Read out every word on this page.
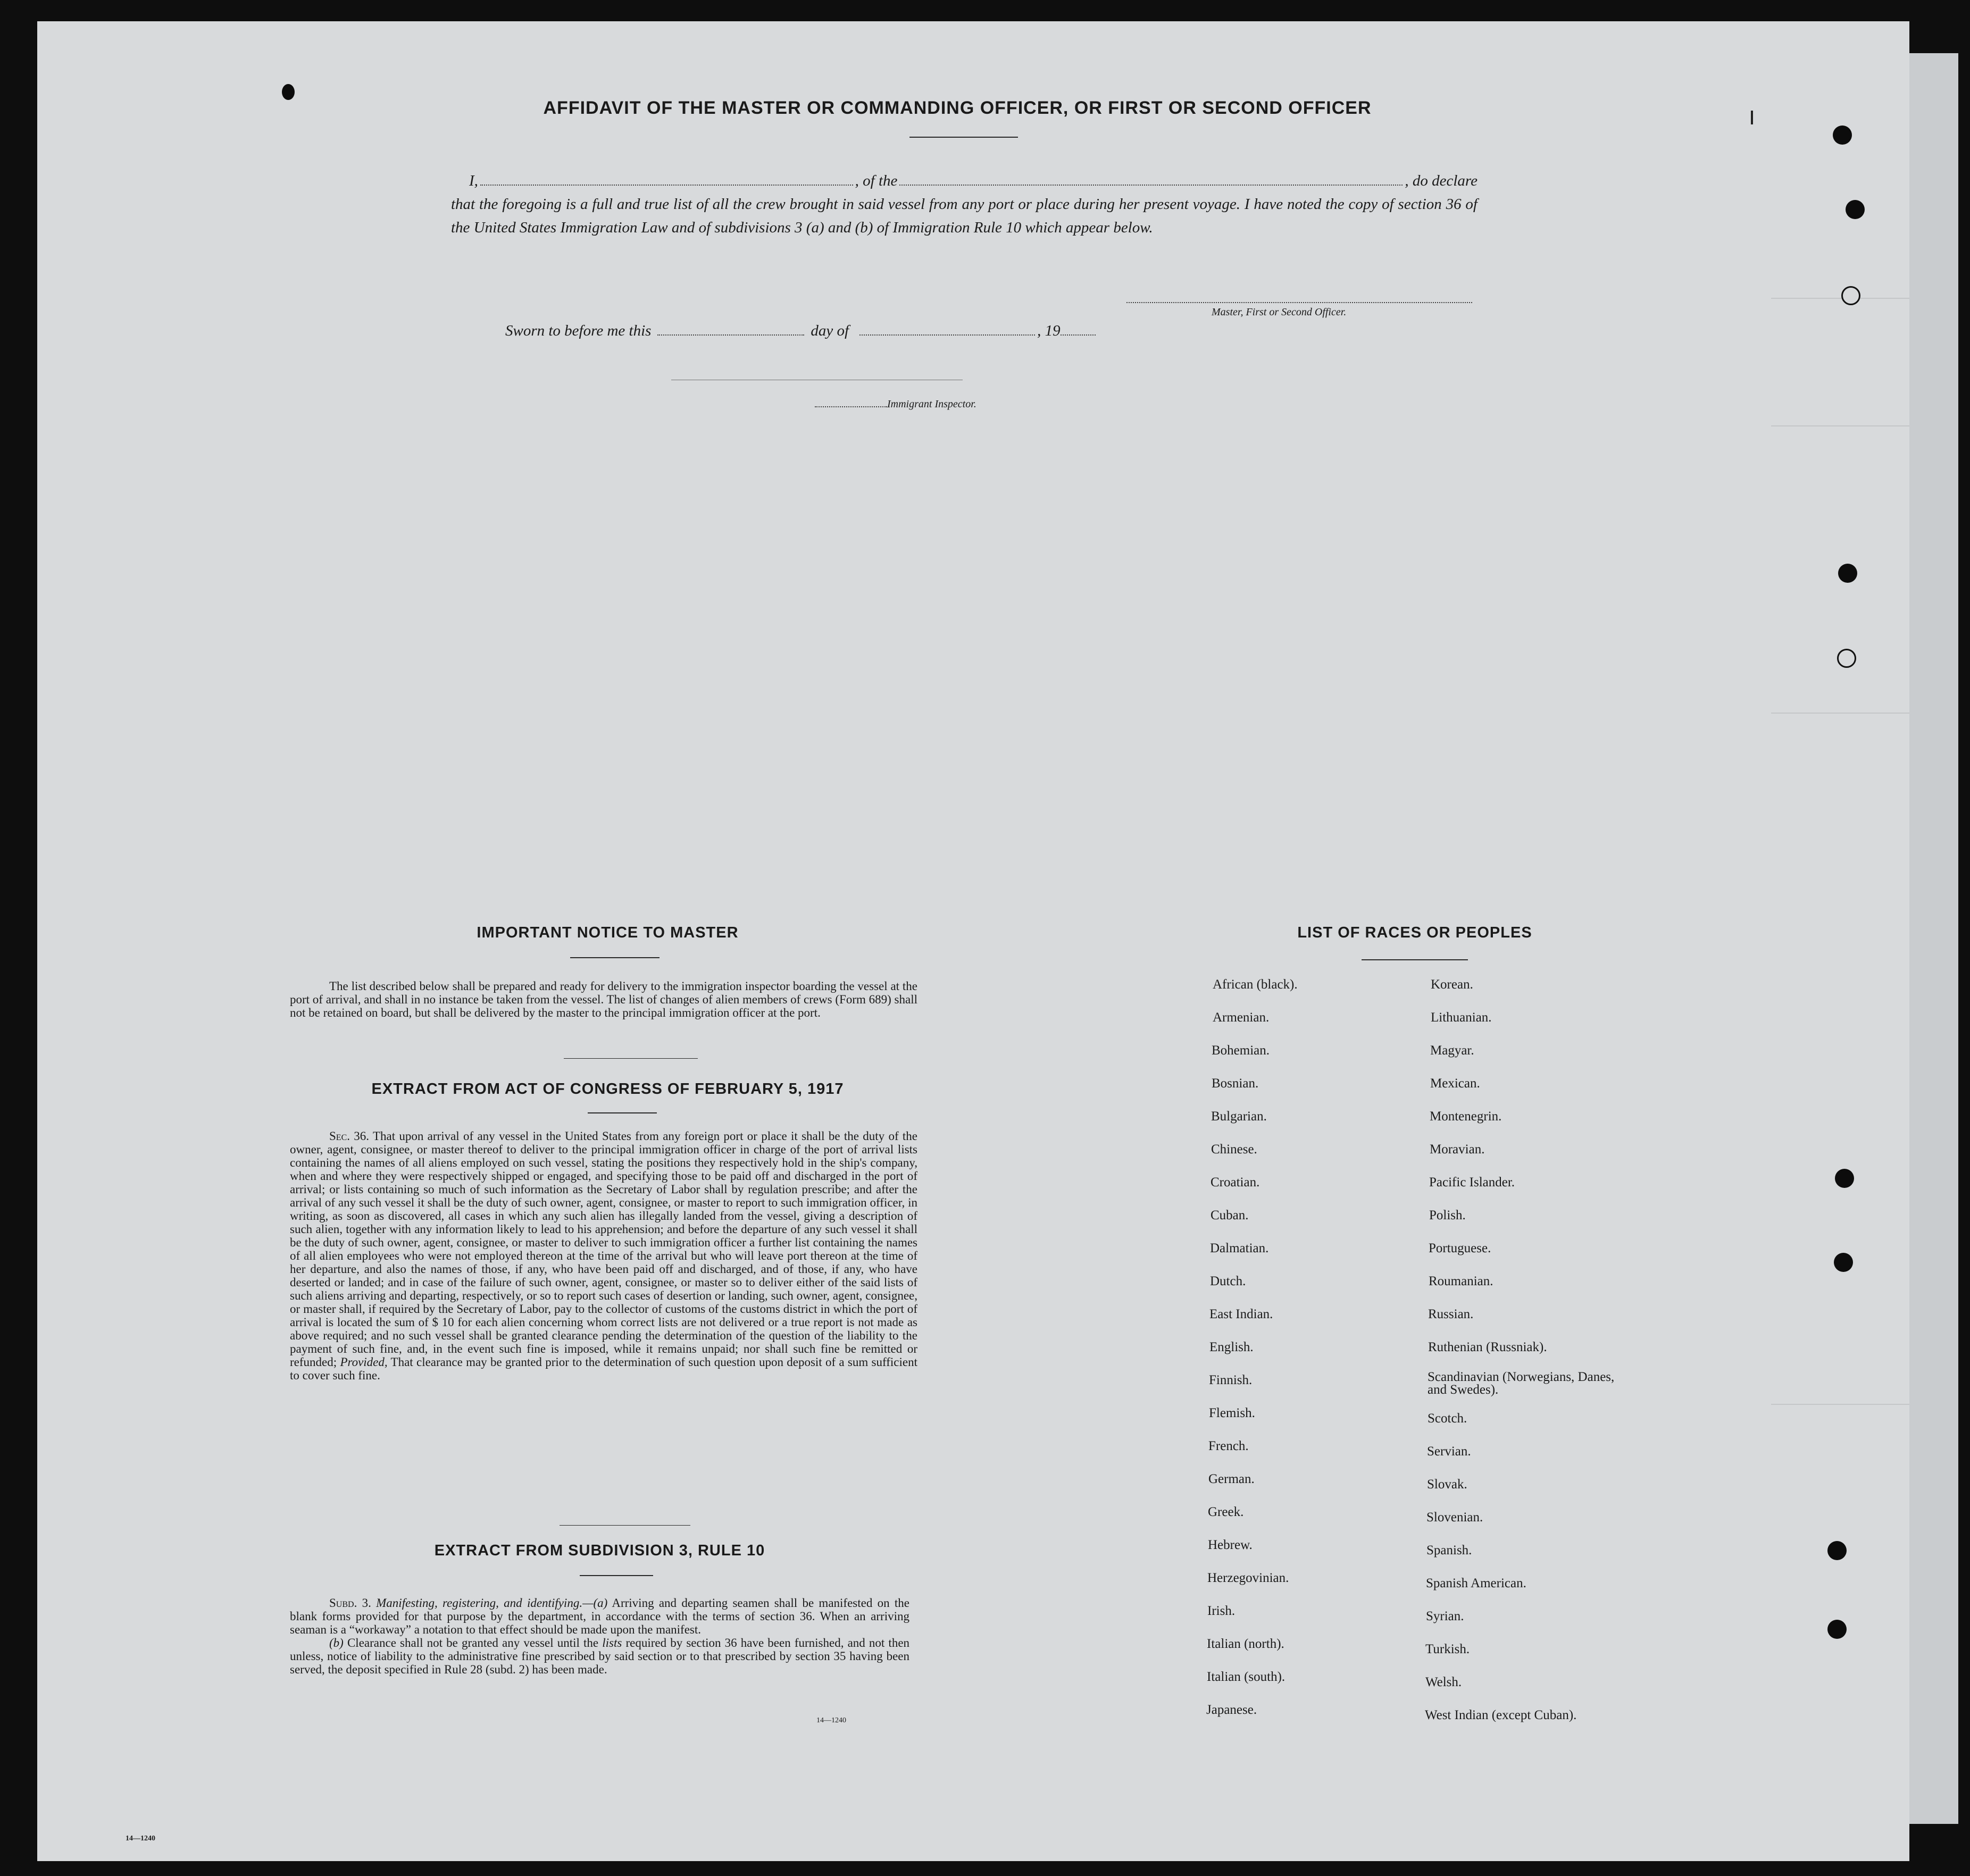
AFFIDAVIT OF THE MASTER OR COMMANDING OFFICER, OR FIRST OR SECOND OFFICER
I,	, of the	, do declare
that the foregoing is a full and true list of all the crew brought in said vessel from any port or place during her present voyage. I have noted the copy of section 36 of the United States Immigration Law and of subdivisions 3 (a) and (b) of Immigration Rule 10 which appear below.
Master, First or Second Officer.
Sworn to before me this	day of	, 19
Immigrant Inspector.
IMPORTANT NOTICE TO MASTER

The list described below shall be prepared and ready for delivery to the immigration inspector boarding the vessel at the port of arrival, and shall in no instance be taken from the vessel. The list of changes of alien members of crews (Form 689) shall not be retained on board, but shall be delivered by the master to the principal immigration officer at the port.

EXTRACT FROM ACT OF CONGRESS OF FEBRUARY 5, 1917

Sec. 36. That upon arrival of any vessel in the United States from any foreign port or place it shall be the duty of the owner, agent, consignee, or master thereof to deliver to the principal immigration officer in charge of the port of arrival lists containing the names of all aliens employed on such vessel, stating the positions they respectively hold in the ship's company, when and where they were respectively shipped or engaged, and specifying those to be paid off and discharged in the port of arrival; or lists containing so much of such information as the Secretary of Labor shall by regulation prescribe; and after the arrival of any such vessel it shall be the duty of such owner, agent, consignee, or master to report to such immigration officer, in writing, as soon as discovered, all cases in which any such alien has illegally landed from the vessel, giving a description of such alien, together with any information likely to lead to his apprehension; and before the departure of any such vessel it shall be the duty of such owner, agent, consignee, or master to deliver to such immigration officer a further list containing the names of all alien employees who were not employed thereon at the time of the arrival but who will leave port thereon at the time of her departure, and also the names of those, if any, who have been paid off and discharged, and of those, if any, who have deserted or landed; and in case of the failure of such owner, agent, consignee, or master so to deliver either of the said lists of such aliens arriving and departing, respectively, or so to report such cases of desertion or landing, such owner, agent, consignee, or master shall, if required by the Secretary of Labor, pay to the collector of customs of the customs district in which the port of arrival is located the sum of $ 10 for each alien concerning whom correct lists are not delivered or a true report is not made as above required; and no such vessel shall be granted clearance pending the determination of the question of the liability to the payment of such fine, and, in the event such fine is imposed, while it remains unpaid; nor shall such fine be remitted or refunded; Provided, That clearance may be granted prior to the determination of such question upon deposit of a sum sufficient to cover such fine.

EXTRACT FROM SUBDIVISION 3, RULE 10

Subd. 3. Manifesting, registering, and identifying.—(a) Arriving and departing seamen shall be manifested on the blank forms provided for that purpose by the department, in accordance with the terms of section 36. When an arriving seaman is a “workaway” a notation to that effect should be made upon the manifest.

(b) Clearance shall not be granted any vessel until the lists required by section 36 have been furnished, and not then unless, notice of liability to the administrative fine prescribed by said section or to that prescribed by section 35 having been served, the deposit specified in Rule 28 (subd. 2) has been made.

14—1240
14—1240
LIST OF RACES OR PEOPLES
African (black).
Armenian.
Bohemian.
Bosnian.
Bulgarian.
Chinese.
Croatian.
Cuban.
Dalmatian.
Dutch.
East Indian.
English.
Finnish.
Flemish.
French.
German.
Greek.
Hebrew.
Herzegovinian.
Irish.
Italian (north).
Italian (south).
Japanese.
Korean.
Lithuanian.
Magyar.
Mexican.
Montenegrin.
Moravian.
Pacific Islander.
Polish.
Portuguese.
Roumanian.
Russian.
Ruthenian (Russniak).
Scandinavian (Norwegians, Danes, and Swedes).
Scotch.
Servian.
Slovak.
Slovenian.
Spanish.
Spanish American.
Syrian.
Turkish.
Welsh.
West Indian (except Cuban).
